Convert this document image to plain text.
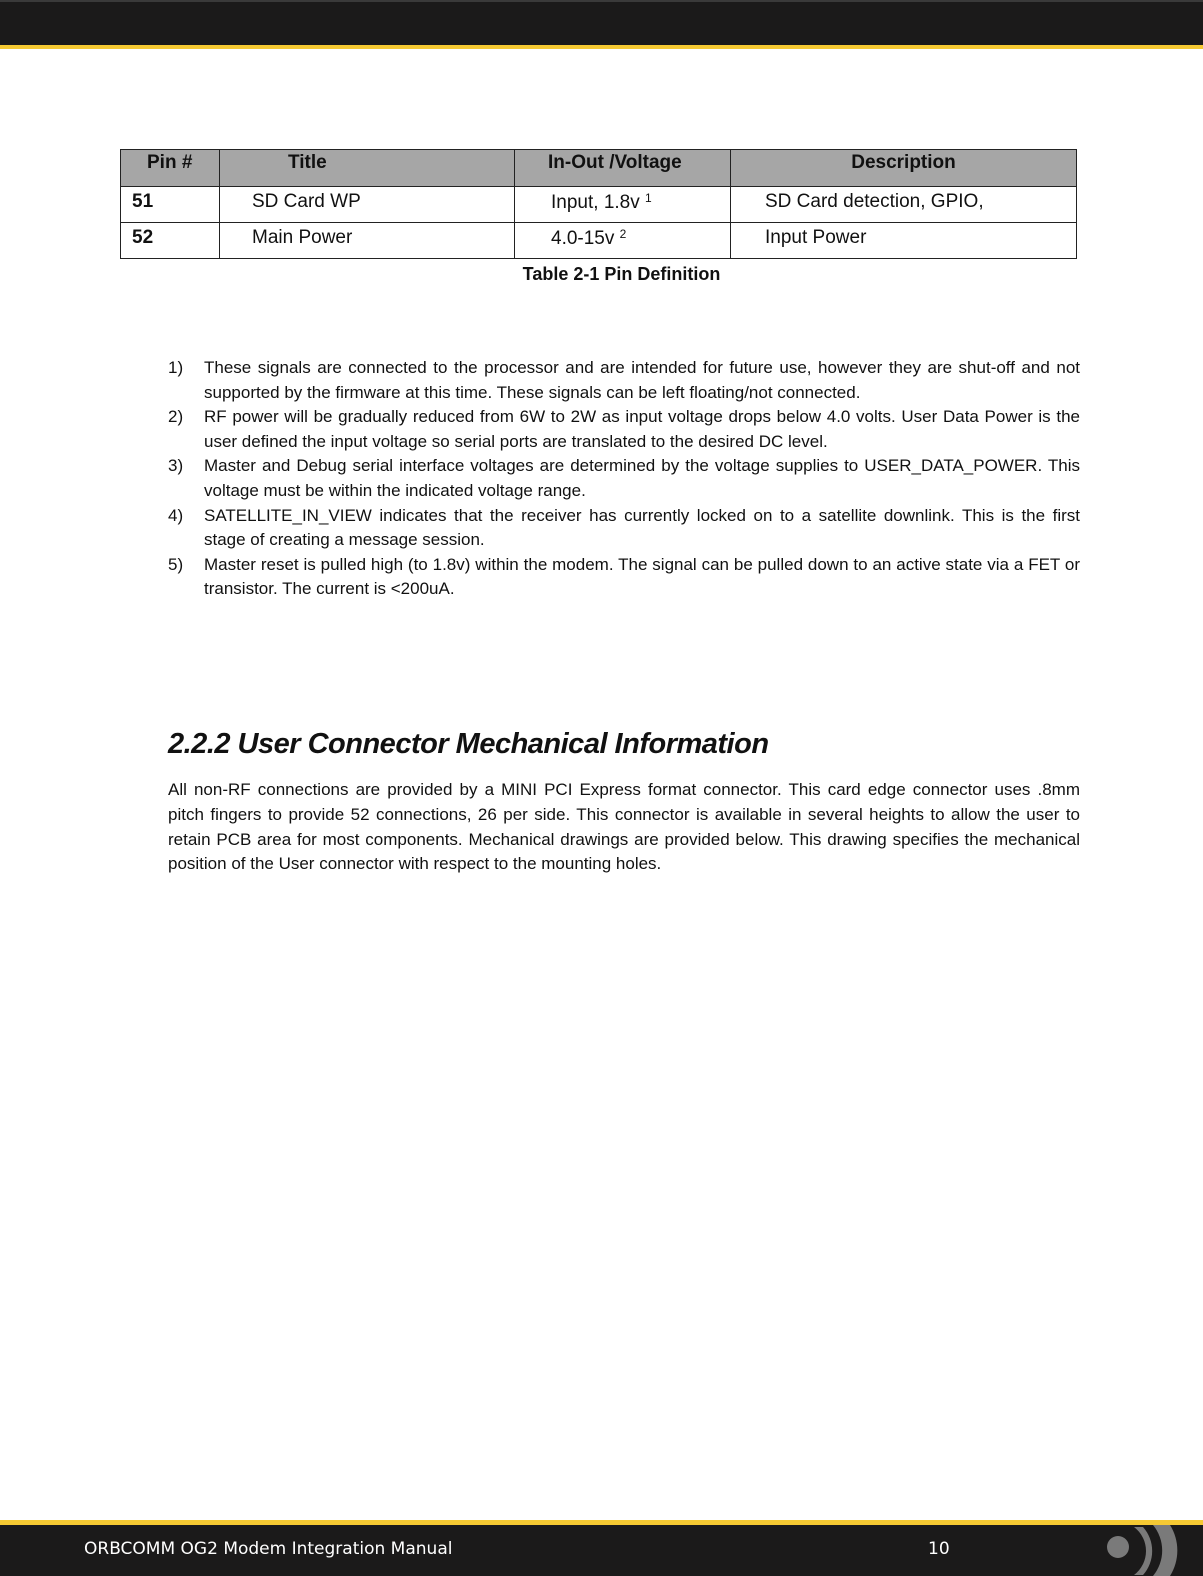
Pin #	Title	In-Out /Voltage	Description
51	SD Card WP	Input, 1.8v $^1$	SD Card detection, GPIO,
52	Main Power	4.0-15v $^2$	Input Power
Table 2-1 Pin Definition
1) These signals are connected to the processor and are intended for future use, however they are shut-off and not supported by the firmware at this time. These signals can be left floating/not connected.
2) RF power will be gradually reduced from 6W to 2W as input voltage drops below 4.0 volts. User Data Power is the user defined the input voltage so serial ports are translated to the desired DC level.
3) Master and Debug serial interface voltages are determined by the voltage supplies to USER_DATA_POWER. This voltage must be within the indicated voltage range.
4) SATELLITE_IN_VIEW indicates that the receiver has currently locked on to a satellite downlink. This is the first stage of creating a message session.
5) Master reset is pulled high (to 1.8v) within the modem. The signal can be pulled down to an active state via a FET or transistor. The current is <200uA.
2.2.2 User Connector Mechanical Information

All non-RF connections are provided by a MINI PCI Express format connector. This card edge connector uses .8mm pitch fingers to provide 52 connections, 26 per side. This connector is available in several heights to allow the user to retain PCB area for most components. Mechanical drawings are provided below. This drawing specifies the mechanical position of the User connector with respect to the mounting holes.

ORBCOMM OG2 Modem Integration Manual	10
